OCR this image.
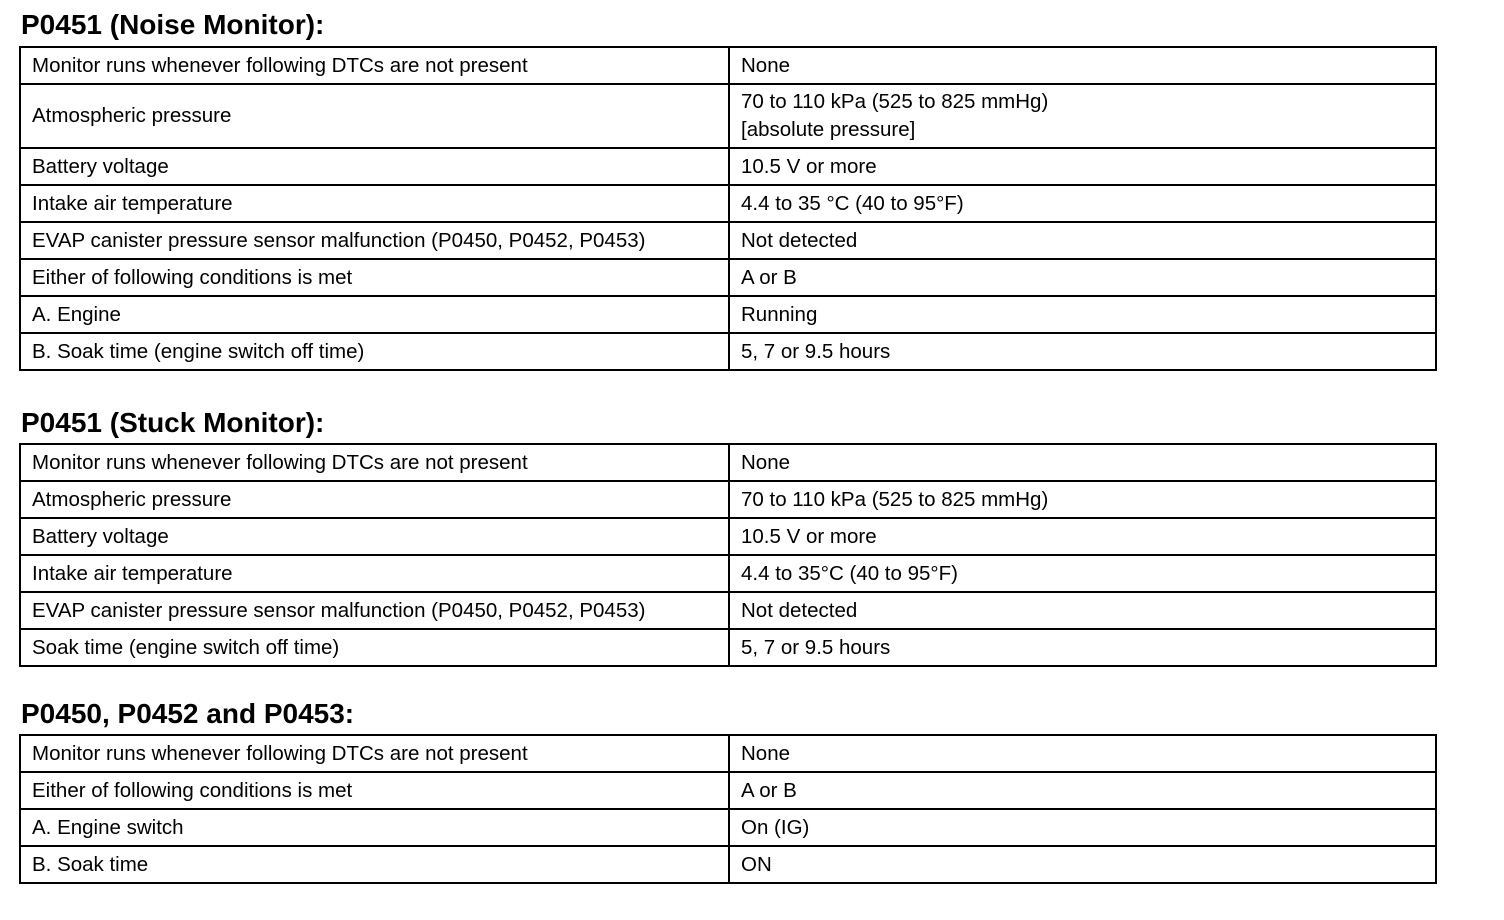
P0451 (Noise Monitor):
Monitor runs whenever following DTCs are not present	None
Atmospheric pressure	70 to 110 kPa (525 to 825 mmHg)
[absolute pressure]

Battery voltage	10.5 V or more
Intake air temperature	4.4 to 35 °C (40 to 95°F)
EVAP canister pressure sensor malfunction (P0450, P0452, P0453)	Not detected
Either of following conditions is met	A or B
A. Engine	Running
B. Soak time (engine switch off time)	5, 7 or 9.5 hours
P0451 (Stuck Monitor):
Monitor runs whenever following DTCs are not present	None
Atmospheric pressure	70 to 110 kPa (525 to 825 mmHg)
Battery voltage	10.5 V or more
Intake air temperature	4.4 to 35°C (40 to 95°F)
EVAP canister pressure sensor malfunction (P0450, P0452, P0453)	Not detected
Soak time (engine switch off time)	5, 7 or 9.5 hours
P0450, P0452 and P0453:
Monitor runs whenever following DTCs are not present	None
Either of following conditions is met	A or B
A. Engine switch	On (IG)
B. Soak time	ON
